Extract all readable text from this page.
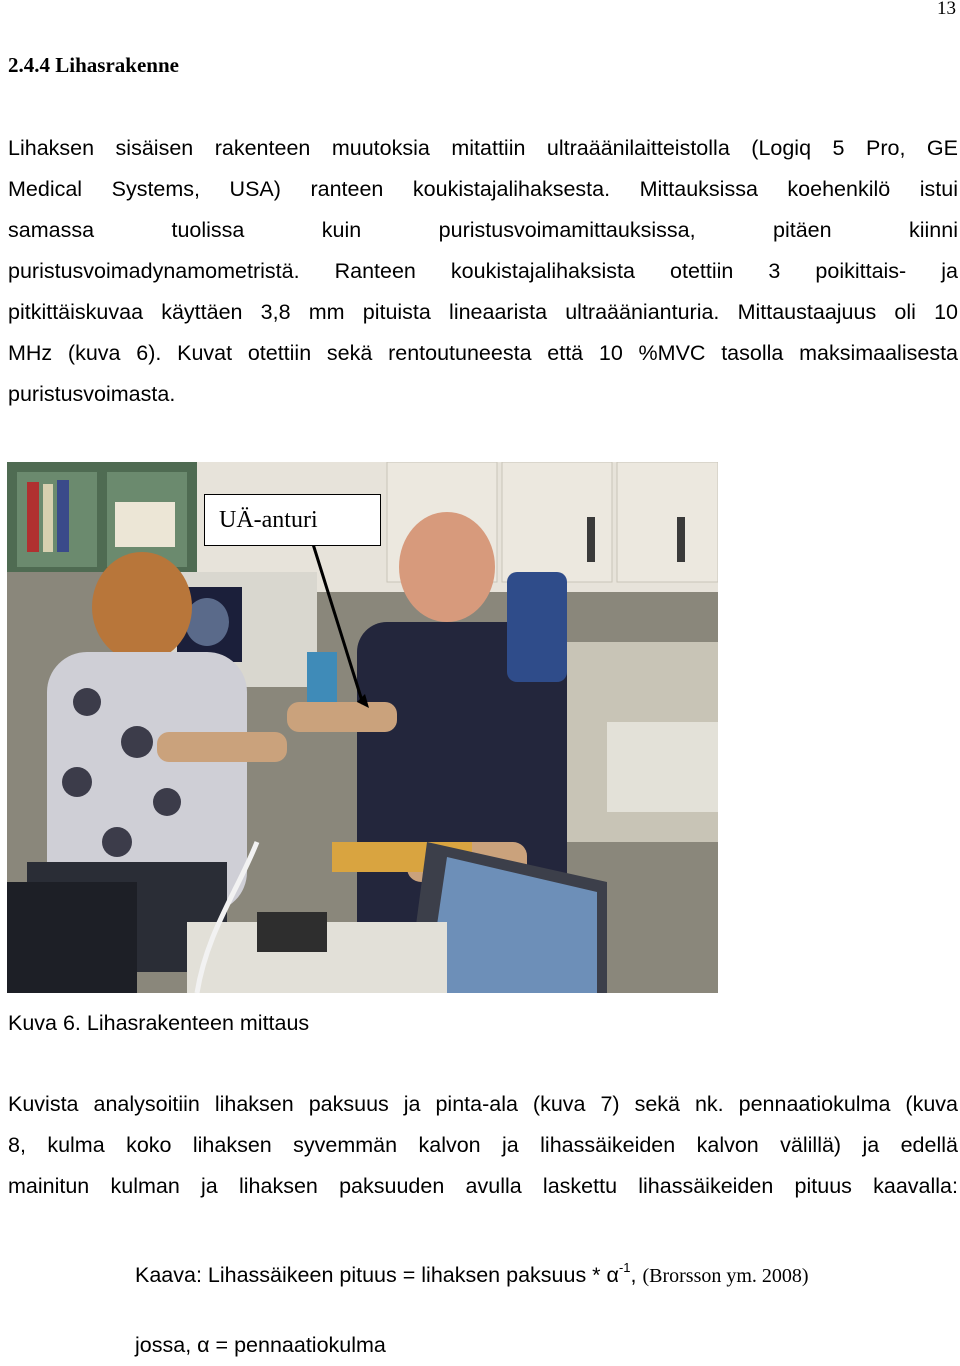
13
2.4.4 Lihasrakenne
Lihaksen sisäisen rakenteen muutoksia mitattiin ultraäänilaitteistolla (Logiq 5 Pro, GE
Medical Systems, USA) ranteen koukistajalihaksesta. Mittauksissa koehenkilö istui
samassa tuolissa kuin puristusvoimamittauksissa, pitäen kiinni
puristusvoimadynamometristä. Ranteen koukistajalihaksista otettiin 3 poikittais- ja
pitkittäiskuvaa käyttäen 3,8 mm pituista lineaarista ultraäänianturia. Mittaustaajuus oli 10
MHz (kuva 6). Kuvat otettiin sekä rentoutuneesta että 10 %MVC tasolla maksimaalisesta
puristusvoimasta.
UÄ-anturi
Kuva 6. Lihasrakenteen mittaus
Kuvista analysoitiin lihaksen paksuus ja pinta-ala (kuva 7) sekä nk. pennaatiokulma (kuva
8, kulma koko lihaksen syvemmän kalvon ja lihassäikeiden kalvon välillä) ja edellä
mainitun kulman ja lihaksen paksuuden avulla laskettu lihassäikeiden pituus kaavalla:
Kaava: Lihassäikeen pituus = lihaksen paksuus * $\alpha^{-1}$, (Brorsson ym. 2008)
jossa, α = pennaatiokulma
